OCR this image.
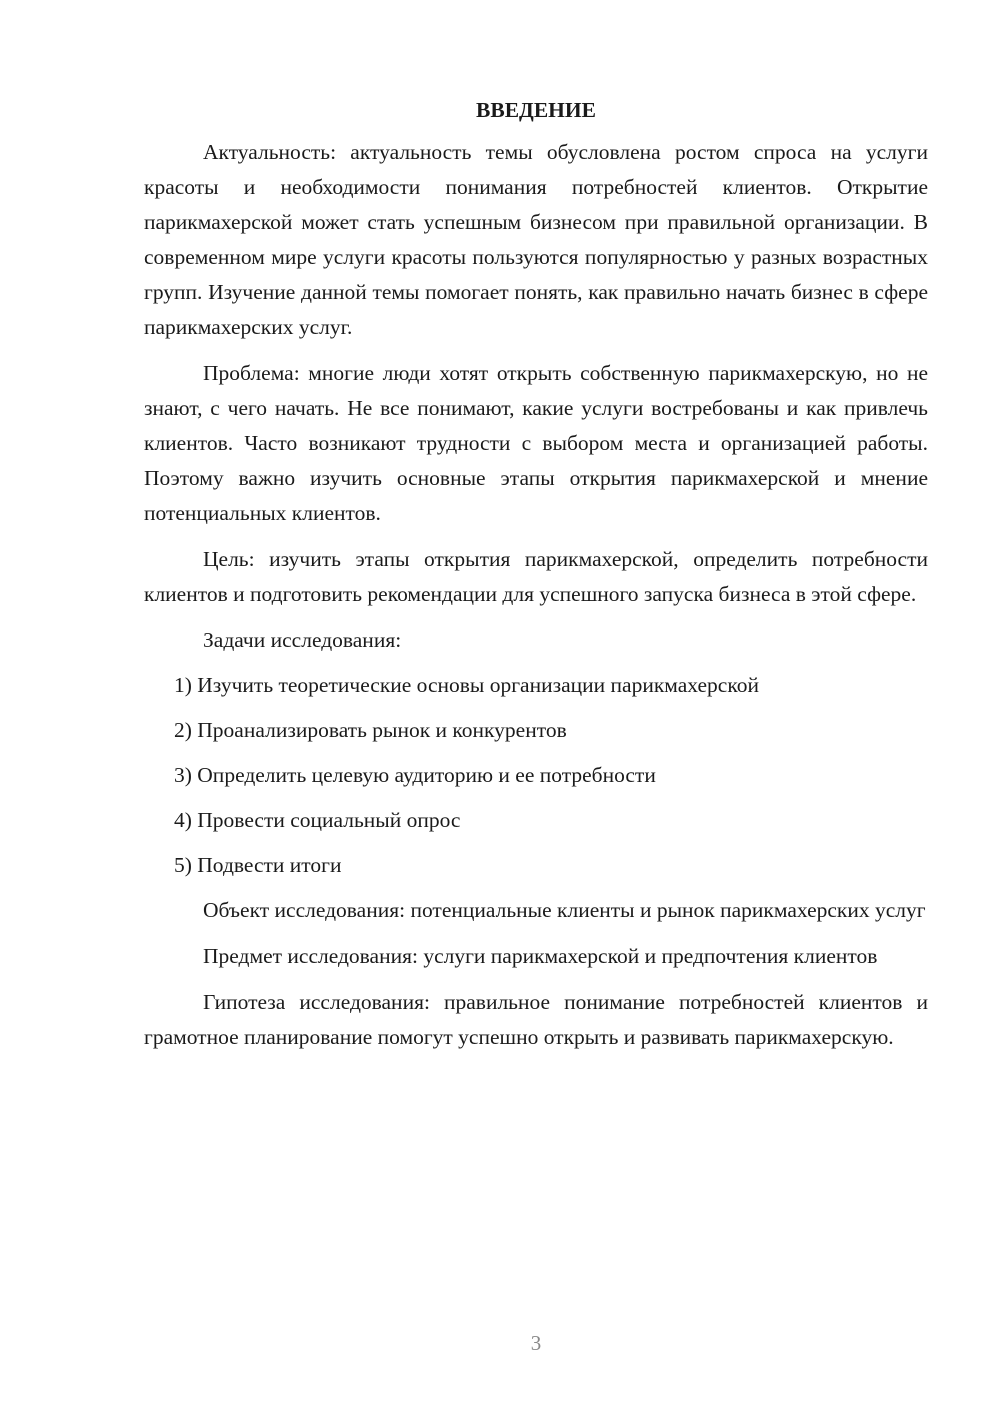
ВВЕДЕНИЕ

Актуальность: актуальность темы обусловлена ростом спроса на услуги красоты и необходимости понимания потребностей клиентов. Открытие парикмахерской может стать успешным бизнесом при правильной организации. В современном мире услуги красоты пользуются популярностью у разных возрастных групп. Изучение данной темы помогает понять, как правильно начать бизнес в сфере парикмахерских услуг.

Проблема: многие люди хотят открыть собственную парикмахерскую, но не знают, с чего начать. Не все понимают, какие услуги востребованы и как привлечь клиентов. Часто возникают трудности с выбором места и организацией работы. Поэтому важно изучить основные этапы открытия парикмахерской и мнение потенциальных клиентов.

Цель: изучить этапы открытия парикмахерской, определить потребности клиентов и подготовить рекомендации для успешного запуска бизнеса в этой сфере.

Задачи исследования:

1) Изучить теоретические основы организации парикмахерской
2) Проанализировать рынок и конкурентов
3) Определить целевую аудиторию и ее потребности
4) Провести социальный опрос
5) Подвести итоги

Объект исследования: потенциальные клиенты и рынок парикмахерских услуг

Предмет исследования: услуги парикмахерской и предпочтения клиентов

Гипотеза исследования: правильное понимание потребностей клиентов и грамотное планирование помогут успешно открыть и развивать парикмахерскую.

3
